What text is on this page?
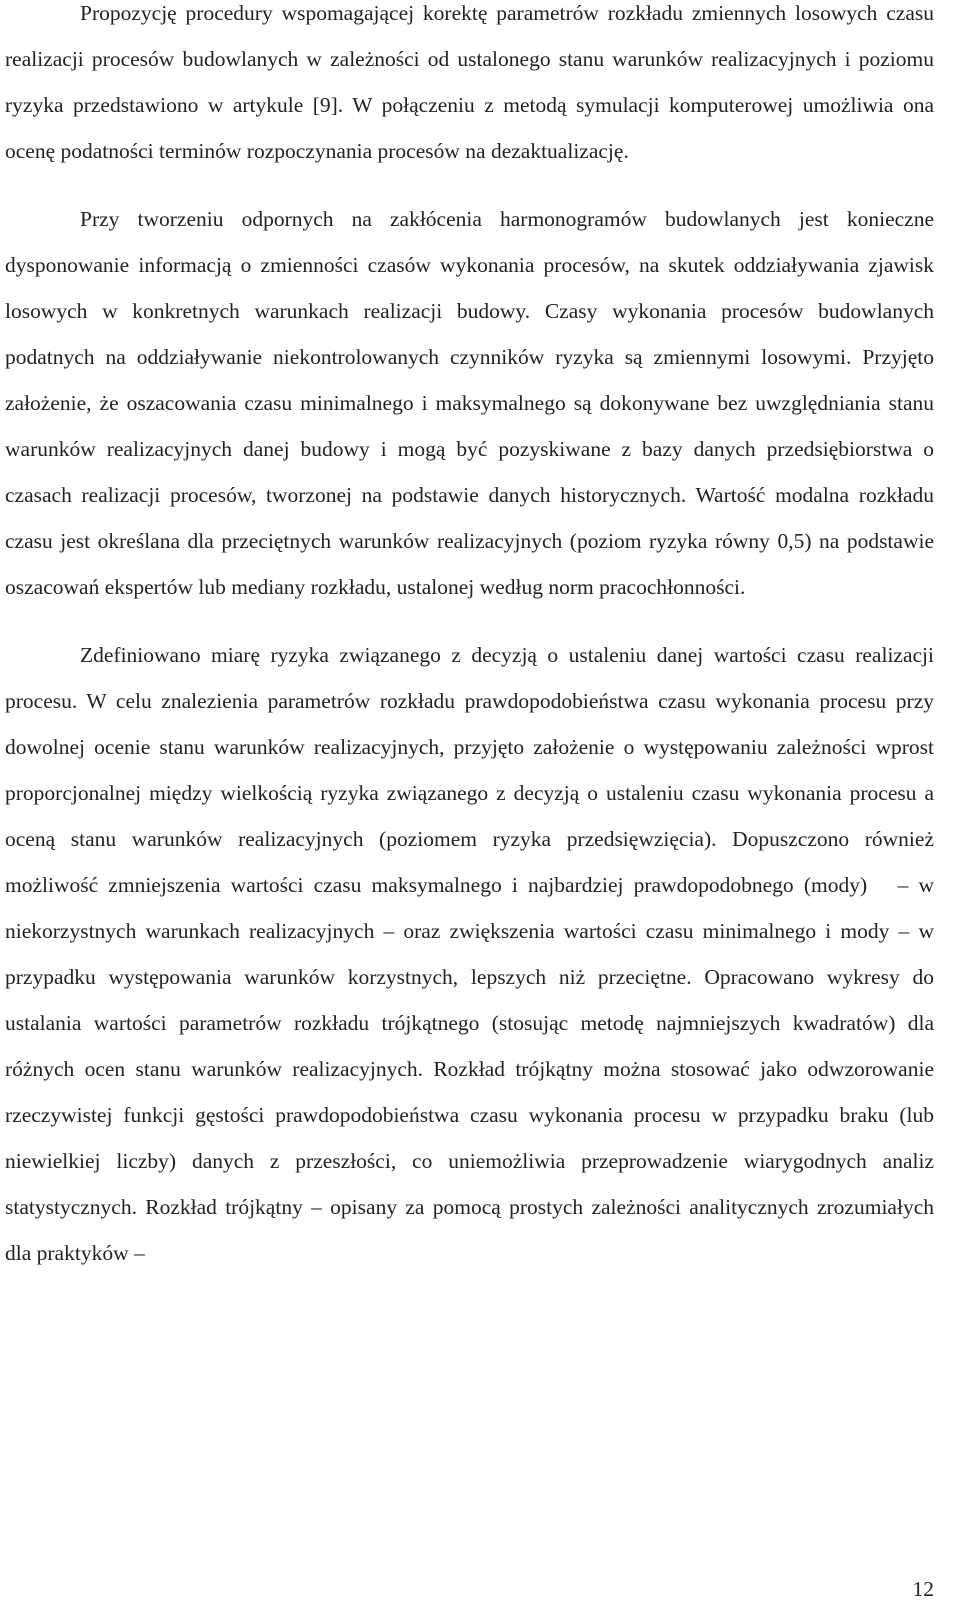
Propozycję procedury wspomagającej korektę parametrów rozkładu zmiennych losowych czasu realizacji procesów budowlanych w zależności od ustalonego stanu warunków realizacyjnych i poziomu ryzyka przedstawiono w artykule [9]. W połączeniu z metodą symulacji komputerowej umożliwia ona ocenę podatności terminów rozpoczynania procesów na dezaktualizację.

Przy tworzeniu odpornych na zakłócenia harmonogramów budowlanych jest konieczne dysponowanie informacją o zmienności czasów wykonania procesów, na skutek oddziaływania zjawisk losowych w konkretnych warunkach realizacji budowy. Czasy wykonania procesów budowlanych podatnych na oddziaływanie niekontrolowanych czynników ryzyka są zmiennymi losowymi. Przyjęto założenie, że oszacowania czasu minimalnego i maksymalnego są dokonywane bez uwzględniania stanu warunków realizacyjnych danej budowy i mogą być pozyskiwane z bazy danych przedsiębiorstwa o czasach realizacji procesów, tworzonej na podstawie danych historycznych. Wartość modalna rozkładu czasu jest określana dla przeciętnych warunków realizacyjnych (poziom ryzyka równy 0,5) na podstawie oszacowań ekspertów lub mediany rozkładu, ustalonej według norm pracochłonności.

Zdefiniowano miarę ryzyka związanego z decyzją o ustaleniu danej wartości czasu realizacji procesu. W celu znalezienia parametrów rozkładu prawdopodobieństwa czasu wykonania procesu przy dowolnej ocenie stanu warunków realizacyjnych, przyjęto założenie o występowaniu zależności wprost proporcjonalnej między wielkością ryzyka związanego z decyzją o ustaleniu czasu wykonania procesu a oceną stanu warunków realizacyjnych (poziomem ryzyka przedsięwzięcia). Dopuszczono również możliwość zmniejszenia wartości czasu maksymalnego i najbardziej prawdopodobnego (mody)   – w niekorzystnych warunkach realizacyjnych – oraz zwiększenia wartości czasu minimalnego i mody – w przypadku występowania warunków korzystnych, lepszych niż przeciętne. Opracowano wykresy do ustalania wartości parametrów rozkładu trójkątnego (stosując metodę najmniejszych kwadratów) dla różnych ocen stanu warunków realizacyjnych. Rozkład trójkątny można stosować jako odwzorowanie rzeczywistej funkcji gęstości prawdopodobieństwa czasu wykonania procesu w przypadku braku (lub niewielkiej liczby) danych z przeszłości, co uniemożliwia przeprowadzenie wiarygodnych analiz statystycznych. Rozkład trójkątny – opisany za pomocą prostych zależności analitycznych zrozumiałych dla praktyków –

12
